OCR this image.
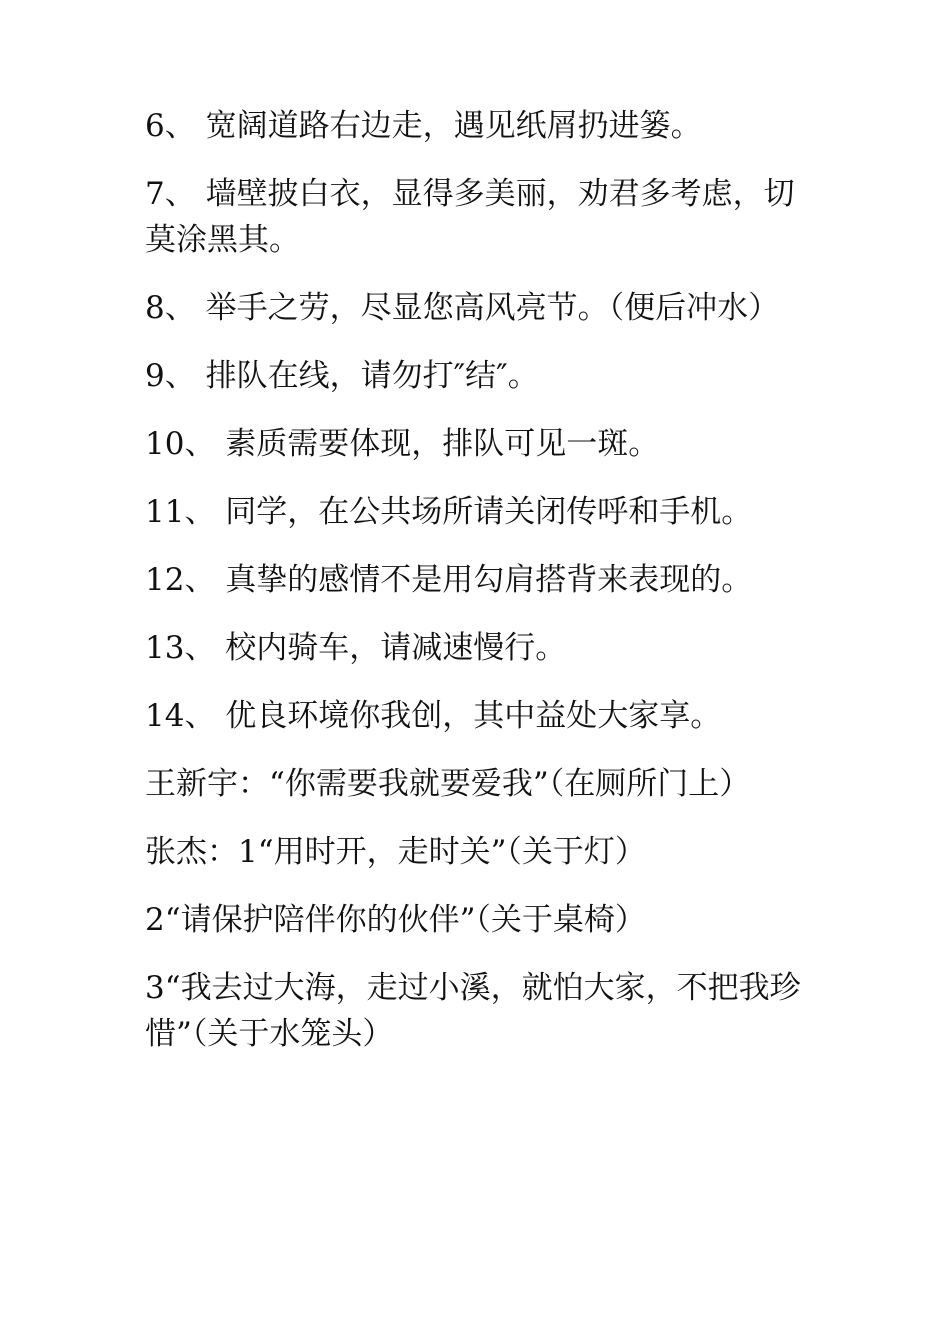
6、 宽阔道路右边走，遇见纸屑扔进篓。

7、 墙壁披白衣，显得多美丽，劝君多考虑，切莫涂黑其。

8、 举手之劳，尽显您高风亮节。（便后冲水）

9、 排队在线，请勿打″结″。

10、 素质需要体现，排队可见一斑。

11、 同学，在公共场所请关闭传呼和手机。

12、 真挚的感情不是用勾肩搭背来表现的。

13、 校内骑车，请减速慢行。

14、 优良环境你我创，其中益处大家享。

王新宇：“你需要我就要爱我”（在厕所门上）

张杰：1“用时开，走时关”（关于灯）

2“请保护陪伴你的伙伴”（关于桌椅）

3“我去过大海，走过小溪，就怕大家，不把我珍惜”（关于水笼头）
